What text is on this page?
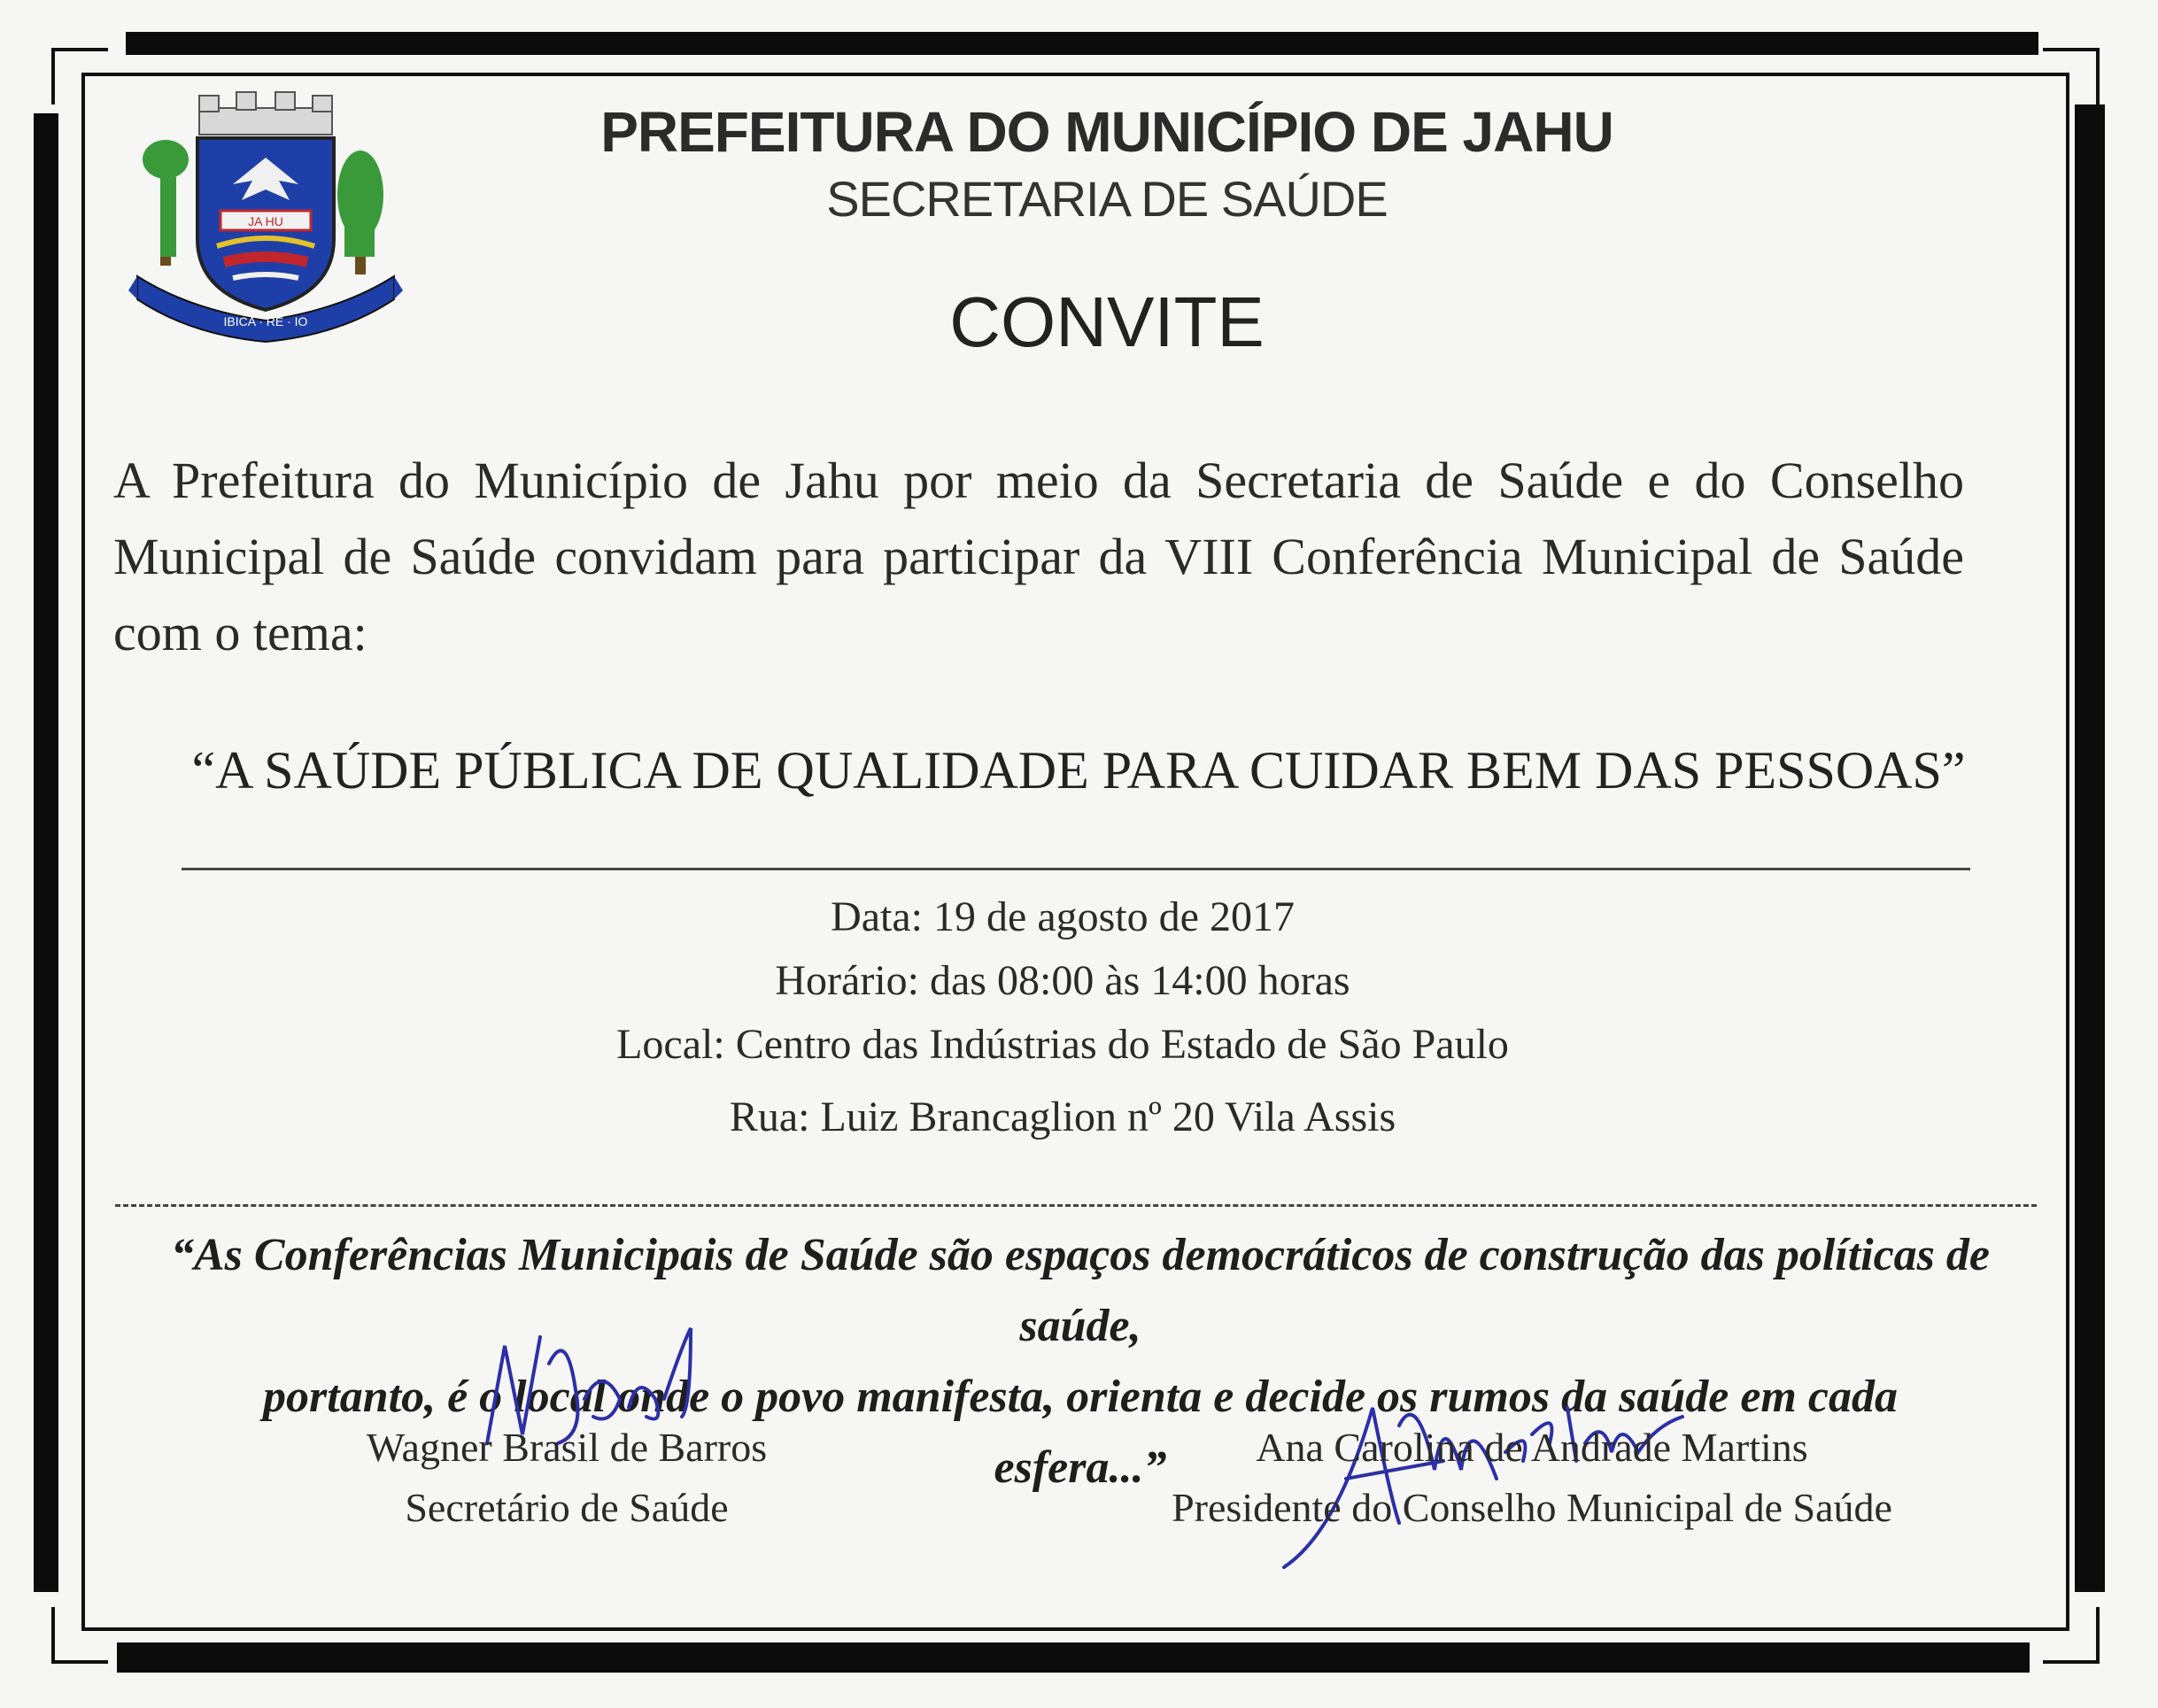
JA HU
IBICA · RE · IO
PREFEITURA DO MUNICÍPIO DE JAHU
SECRETARIA DE SAÚDE
CONVITE
A Prefeitura do Município de Jahu por meio da Secretaria de Saúde e do Conselho Municipal de Saúde convidam para participar da VIII Conferência Municipal de Saúde com o tema:
“A SAÚDE PÚBLICA DE QUALIDADE PARA CUIDAR BEM DAS PESSOAS”
Data: 19 de agosto de 2017
Horário: das 08:00 às 14:00 horas
Local: Centro das Indústrias do Estado de São Paulo
Rua: Luiz Brancaglion nº 20 Vila Assis
“As Conferências Municipais de Saúde são espaços democráticos de construção das políticas de saúde,
portanto, é o local onde o povo manifesta, orienta e decide os rumos da saúde em cada
esfera...”
Wagner Brasil de Barros
Secretário de Saúde
Ana Carolina de Andrade Martins
Presidente do Conselho Municipal de Saúde
